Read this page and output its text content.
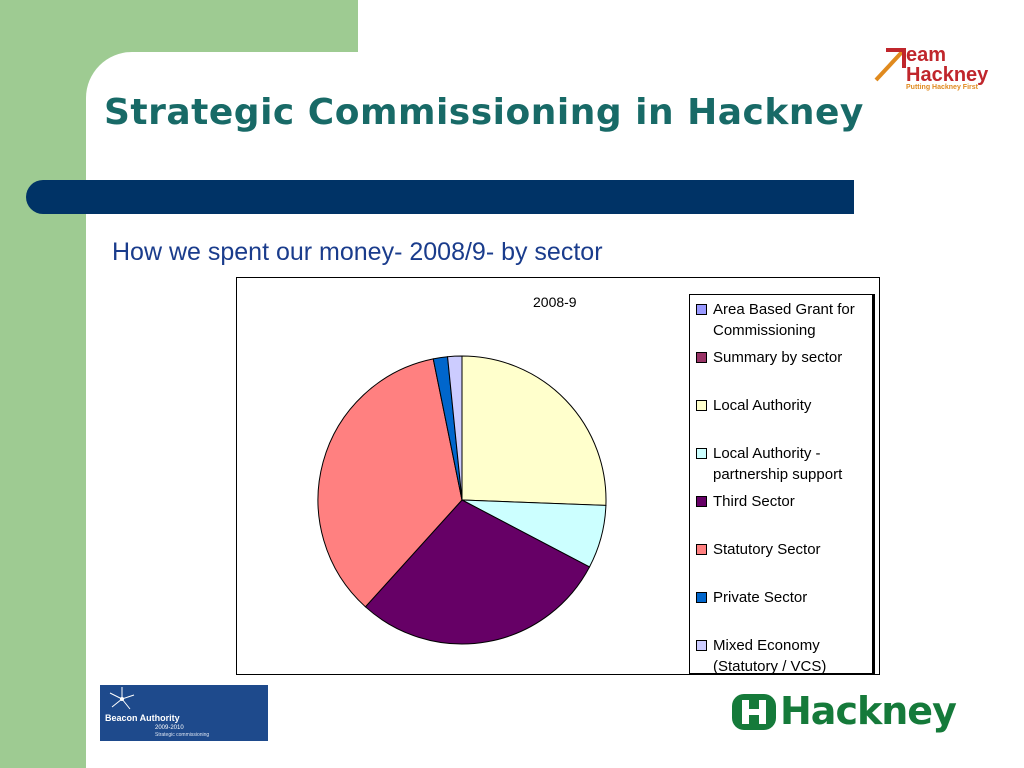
Strategic Commissioning in Hackney

How we spent our money- 2008/9- by sector

eam
Hackney
Putting Hackney First
2008-9	Area Based Grant for Commissioning
Summary by sector
Local Authority
Local Authority - partnership support
Third Sector
Statutory Sector
Private Sector
Mixed Economy (Statutory / VCS)
Beacon Authority
2009-2010
Strategic commissioning
Hackney
